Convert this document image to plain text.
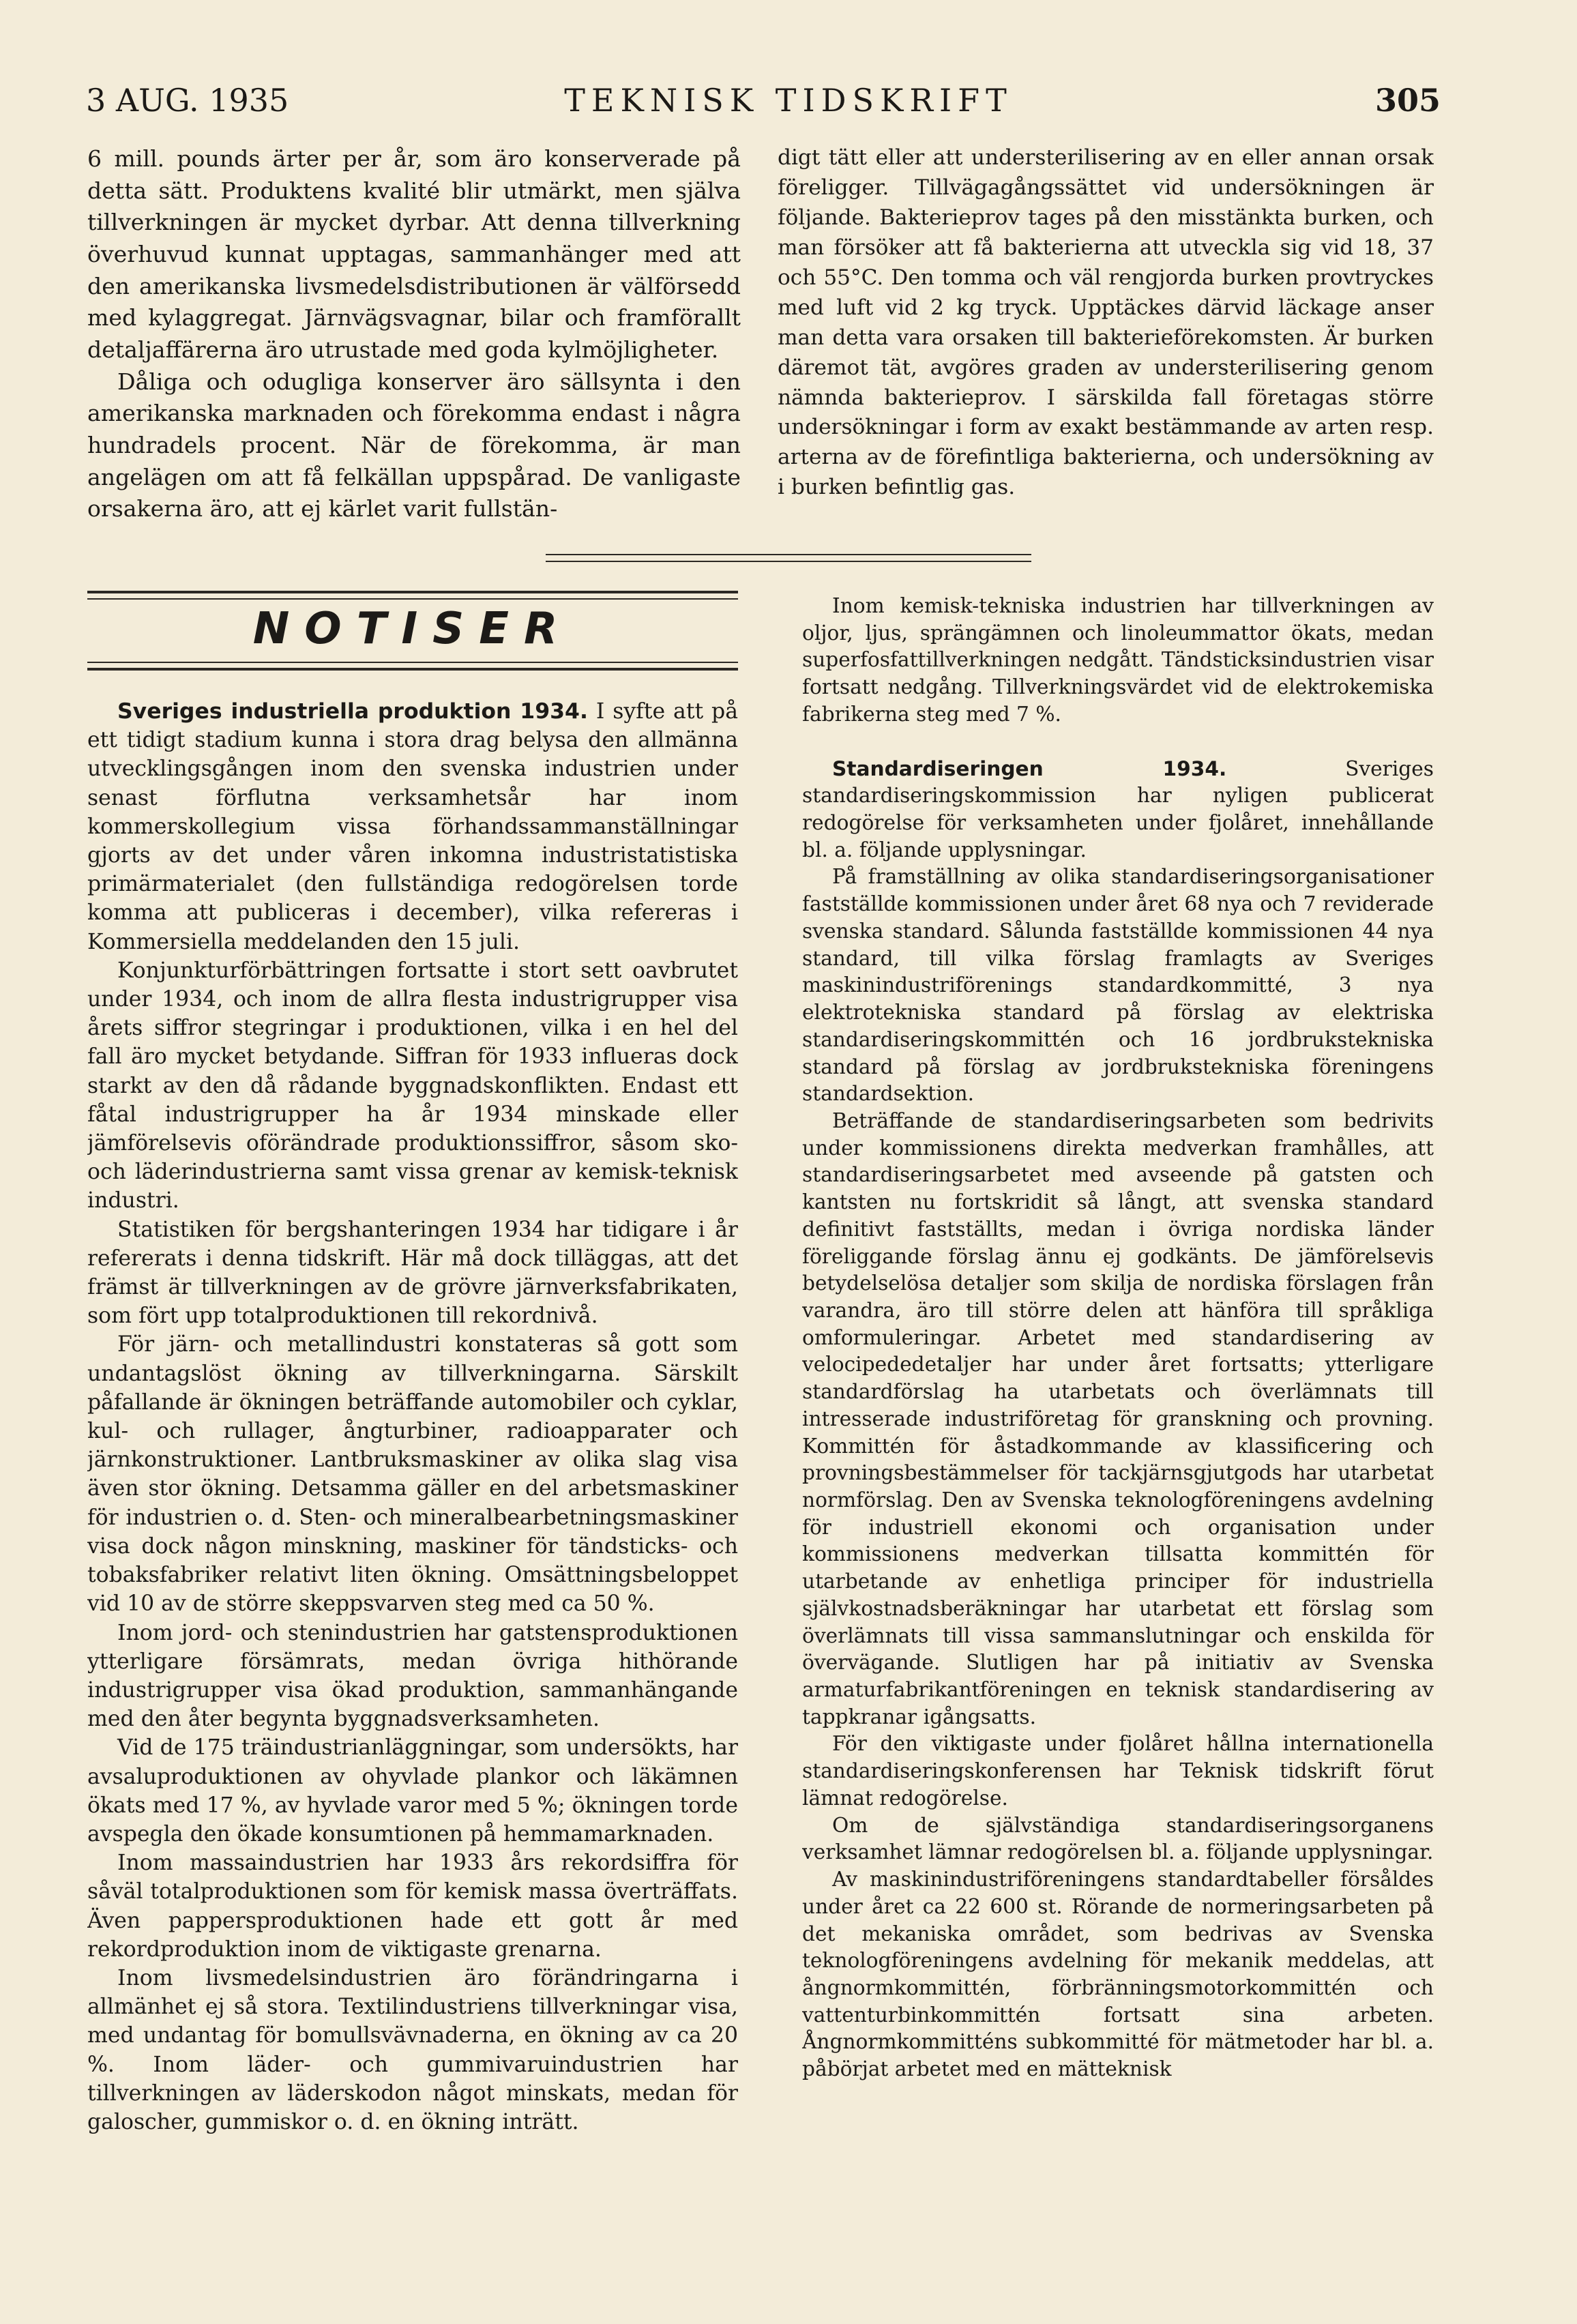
3 AUG. 1935	TEKNISK TIDSKRIFT	305

6 mill. pounds ärter per år, som äro konserverade på detta sätt. Produktens kvalité blir utmärkt, men själva tillverkningen är mycket dyrbar. Att denna tillverkning överhuvud kunnat upptagas, sammanhänger med att den amerikanska livsmedelsdistributionen är välförsedd med kylaggregat. Järnvägsvagnar, bilar och framförallt detaljaffärerna äro utrustade med goda kylmöjligheter.

Dåliga och odugliga konserver äro sällsynta i den amerikanska marknaden och förekomma endast i några hundradels procent. När de förekomma, är man angelägen om att få felkällan uppspårad. De vanligaste orsakerna äro, att ej kärlet varit fullstän-

digt tätt eller att understerilisering av en eller annan orsak föreligger. Tillvägagångssättet vid undersökningen är följande. Bakterieprov tages på den misstänkta burken, och man försöker att få bakterierna att utveckla sig vid 18, 37 och 55°C. Den tomma och väl rengjorda burken provtryckes med luft vid 2 kg tryck. Upptäckes därvid läckage anser man detta vara orsaken till bakterieförekomsten. Är burken däremot tät, avgöres graden av understerilisering genom nämnda bakterieprov. I särskilda fall företagas större undersökningar i form av exakt bestämmande av arten resp. arterna av de förefintliga bakterierna, och undersökning av i burken befintlig gas.

NOTISER

Sveriges industriella produktion 1934. I syfte att på ett tidigt stadium kunna i stora drag belysa den allmänna utvecklingsgången inom den svenska industrien under senast förflutna verksamhetsår har inom kommerskollegium vissa förhandssammanställningar gjorts av det under våren inkomna industristatistiska primärmaterialet (den fullständiga redogörelsen torde komma att publiceras i december), vilka refereras i Kommersiella meddelanden den 15 juli.

Konjunkturförbättringen fortsatte i stort sett oavbrutet under 1934, och inom de allra flesta industrigrupper visa årets siffror stegringar i produktionen, vilka i en hel del fall äro mycket betydande. Siffran för 1933 influeras dock starkt av den då rådande byggnadskonflikten. Endast ett fåtal industrigrupper ha år 1934 minskade eller jämförelsevis oförändrade produktionssiffror, såsom sko- och läderindustrierna samt vissa grenar av kemisk-teknisk industri.

Statistiken för bergshanteringen 1934 har tidigare i år refererats i denna tidskrift. Här må dock tilläggas, att det främst är tillverkningen av de grövre järnverksfabrikaten, som fört upp totalproduktionen till rekordnivå.

För järn- och metallindustri konstateras så gott som undantagslöst ökning av tillverkningarna. Särskilt påfallande är ökningen beträffande automobiler och cyklar, kul- och rullager, ångturbiner, radioapparater och järnkonstruktioner. Lantbruksmaskiner av olika slag visa även stor ökning. Detsamma gäller en del arbetsmaskiner för industrien o. d. Sten- och mineralbearbetningsmaskiner visa dock någon minskning, maskiner för tändsticks- och tobaksfabriker relativt liten ökning. Omsättningsbeloppet vid 10 av de större skeppsvarven steg med ca 50 %.

Inom jord- och stenindustrien har gatstensproduktionen ytterligare försämrats, medan övriga hithörande industrigrupper visa ökad produktion, sammanhängande med den åter begynta byggnadsverksamheten.

Vid de 175 träindustrianläggningar, som undersökts, har avsaluproduktionen av ohyvlade plankor och läkämnen ökats med 17 %, av hyvlade varor med 5 %; ökningen torde avspegla den ökade konsumtionen på hemmamarknaden.

Inom massaindustrien har 1933 års rekordsiffra för såväl totalproduktionen som för kemisk massa överträffats. Även pappersproduktionen hade ett gott år med rekordproduktion inom de viktigaste grenarna.

Inom livsmedelsindustrien äro förändringarna i allmänhet ej så stora. Textilindustriens tillverkningar visa, med undantag för bomullsvävnaderna, en ökning av ca 20 %. Inom läder- och gummivaruindustrien har tillverkningen av läderskodon något minskats, medan för galoscher, gummiskor o. d. en ökning inträtt.

Inom kemisk-tekniska industrien har tillverkningen av oljor, ljus, sprängämnen och linoleummattor ökats, medan superfosfattillverkningen nedgått. Tändsticksindustrien visar fortsatt nedgång. Tillverkningsvärdet vid de elektrokemiska fabrikerna steg med 7 %.

Standardiseringen 1934.	Sveriges standardiseringskommission har nyligen publicerat redogörelse för verksamheten under fjolåret, innehållande bl. a. följande upplysningar.

På framställning av olika standardiseringsorganisationer fastställde kommissionen under året 68 nya och 7 reviderade svenska standard. Sålunda fastställde kommissionen 44 nya standard, till vilka förslag framlagts av Sveriges maskinindustriförenings standardkommitté, 3 nya elektrotekniska standard på förslag av elektriska standardiseringskommittén och 16 jordbrukstekniska standard på förslag av jordbrukstekniska föreningens standardsektion.

Beträffande de standardiseringsarbeten som bedrivits under kommissionens direkta medverkan framhålles, att standardiseringsarbetet med avseende på gatsten och kantsten nu fortskridit så långt, att svenska standard definitivt fastställts, medan i övriga nordiska länder föreliggande förslag ännu ej godkänts. De jämförelsevis betydelselösa detaljer som skilja de nordiska förslagen från varandra, äro till större delen att hänföra till språkliga omformuleringar. Arbetet med standardisering av velocipededetaljer har under året fortsatts; ytterligare standardförslag ha utarbetats och överlämnats till intresserade industriföretag för granskning och provning. Kommittén för åstadkommande av klassificering och provningsbestämmelser för tackjärnsgjutgods har utarbetat normförslag. Den av Svenska teknologföreningens avdelning för industriell ekonomi och organisation under kommissionens medverkan tillsatta kommittén för utarbetande av enhetliga principer för industriella självkostnadsberäkningar har utarbetat ett förslag som överlämnats till vissa sammanslutningar och enskilda för övervägande. Slutligen har på initiativ av Svenska armaturfabrikantföreningen en teknisk standardisering av tappkranar igångsatts.

För den viktigaste under fjolåret hållna internationella standardiseringskonferensen har Teknisk tidskrift förut lämnat redogörelse.

Om de självständiga standardiseringsorganens verksamhet lämnar redogörelsen bl. a. följande upplysningar.

Av maskinindustriföreningens standardtabeller försåldes under året ca 22 600 st. Rörande de normeringsarbeten på det mekaniska området, som bedrivas av Svenska teknologföreningens avdelning för mekanik meddelas, att ångnormkommittén, förbränningsmotorkommittén och vattenturbinkommittén fortsatt sina arbeten. Ångnormkommitténs subkommitté för mätmetoder har bl. a. påbörjat arbetet med en mätteknisk
